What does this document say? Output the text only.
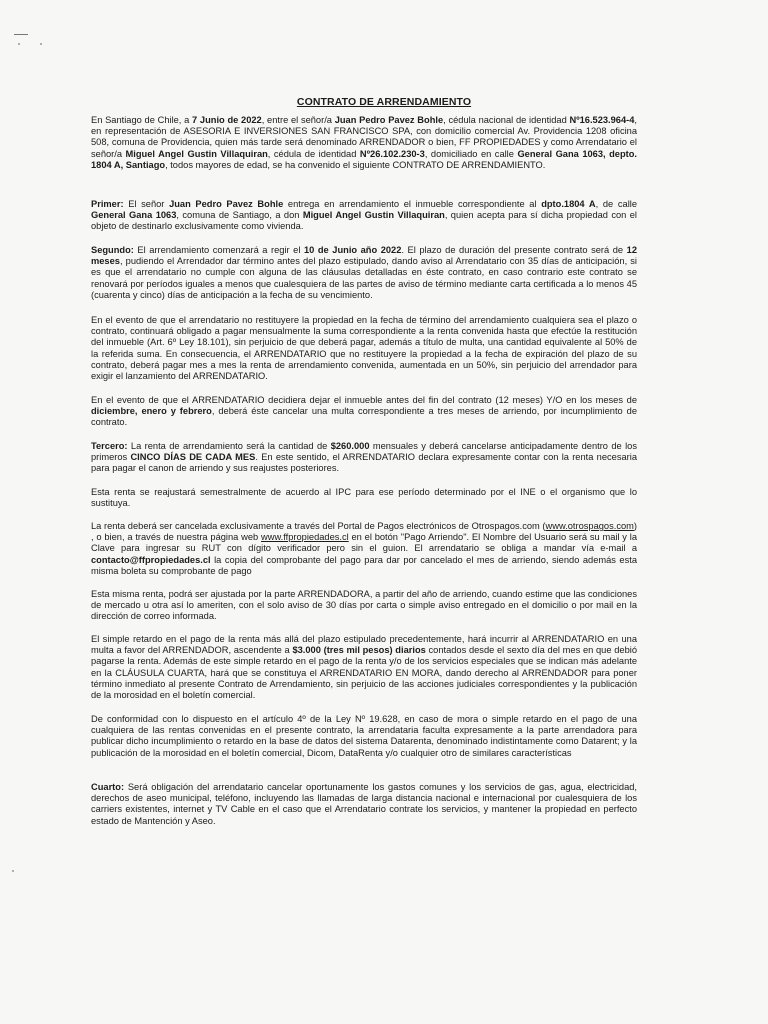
CONTRATO DE ARRENDAMIENTO

En Santiago de Chile, a 7 Junio de 2022, entre el señor/a Juan Pedro Pavez Bohle, cédula nacional de identidad Nº16.523.964-4, en representación de ASESORIA E INVERSIONES SAN FRANCISCO SPA, con domicilio comercial Av. Providencia 1208 oficina 508, comuna de Providencia, quien más tarde será denominado ARRENDADOR o bien, FF PROPIEDADES y como Arrendatario el señor/a Miguel Angel Gustin Villaquiran, cédula de identidad Nº26.102.230-3, domiciliado en calle General Gana 1063, depto. 1804 A, Santiago, todos mayores de edad, se ha convenido el siguiente CONTRATO DE ARRENDAMIENTO.

Primer: El señor Juan Pedro Pavez Bohle entrega en arrendamiento el inmueble correspondiente al dpto.1804 A, de calle General Gana 1063, comuna de Santiago, a don Miguel Angel Gustin Villaquiran, quien acepta para sí dicha propiedad con el objeto de destinarlo exclusivamente como vivienda.

Segundo: El arrendamiento comenzará a regir el 10 de Junio año 2022. El plazo de duración del presente contrato será de 12 meses, pudiendo el Arrendador dar término antes del plazo estipulado, dando aviso al Arrendatario con 35 días de anticipación, si es que el arrendatario no cumple con alguna de las cláusulas detalladas en éste contrato, en caso contrario este contrato se renovará por períodos iguales a menos que cualesquiera de las partes de aviso de término mediante carta certificada a lo menos 45 (cuarenta y cinco) días de anticipación a la fecha de su vencimiento.

En el evento de que el arrendatario no restituyere la propiedad en la fecha de término del arrendamiento cualquiera sea el plazo o contrato, continuará obligado a pagar mensualmente la suma correspondiente a la renta convenida hasta que efectúe la restitución del inmueble (Art. 6º Ley 18.101), sin perjuicio de que deberá pagar, además a título de multa, una cantidad equivalente al 50% de la referida suma. En consecuencia, el ARRENDATARIO que no restituyere la propiedad a la fecha de expiración del plazo de su contrato, deberá pagar mes a mes la renta de arrendamiento convenida, aumentada en un 50%, sin perjuicio del arrendador para exigir el lanzamiento del ARRENDATARIO.

En el evento de que el ARRENDATARIO decidiera dejar el inmueble antes del fin del contrato (12 meses) Y/O en los meses de diciembre, enero y febrero, deberá éste cancelar una multa correspondiente a tres meses de arriendo, por incumplimiento de contrato.

Tercero: La renta de arrendamiento será la cantidad de $260.000 mensuales y deberá cancelarse anticipadamente dentro de los primeros CINCO DÍAS DE CADA MES. En este sentido, el ARRENDATARIO declara expresamente contar con la renta necesaria para pagar el canon de arriendo y sus reajustes posteriores.

Esta renta se reajustará semestralmente de acuerdo al IPC para ese período determinado por el INE o el organismo que lo sustituya.

La renta deberá ser cancelada exclusivamente a través del Portal de Pagos electrónicos de Otrospagos.com (www.otrospagos.com) , o bien, a través de nuestra página web www.ffpropiedades.cl en el botón "Pago Arriendo". El Nombre del Usuario será su mail y la Clave para ingresar su RUT con dígito verificador pero sin el guion. El arrendatario se obliga a mandar vía e-mail a contacto@ffpropiedades.cl la copia del comprobante del pago para dar por cancelado el mes de arriendo, siendo además esta misma boleta su comprobante de pago

Esta misma renta, podrá ser ajustada por la parte ARRENDADORA, a partir del año de arriendo, cuando estime que las condiciones de mercado u otra así lo ameriten, con el solo aviso de 30 días por carta o simple aviso entregado en el domicilio o por mail en la dirección de correo informada.

El simple retardo en el pago de la renta más allá del plazo estipulado precedentemente, hará incurrir al ARRENDATARIO en una multa a favor del ARRENDADOR, ascendente a $3.000 (tres mil pesos) diarios contados desde el sexto día del mes en que debió pagarse la renta. Además de este simple retardo en el pago de la renta y/o de los servicios especiales que se indican más adelante en la CLÁUSULA CUARTA, hará que se constituya el ARRENDATARIO EN MORA, dando derecho al ARRENDADOR para poner término inmediato al presente Contrato de Arrendamiento, sin perjuicio de las acciones judiciales correspondientes y la publicación de la morosidad en el boletín comercial.

De conformidad con lo dispuesto en el artículo 4º de la Ley Nº 19.628, en caso de mora o simple retardo en el pago de una cualquiera de las rentas convenidas en el presente contrato, la arrendataria faculta expresamente a la parte arrendadora para publicar dicho incumplimiento o retardo en la base de datos del sistema Datarenta, denominado indistintamente como Datarent; y la publicación de la morosidad en el boletín comercial, Dicom, DataRenta y/o cualquier otro de similares características

Cuarto: Será obligación del arrendatario cancelar oportunamente los gastos comunes y los servicios de gas, agua, electricidad, derechos de aseo municipal, teléfono, incluyendo las llamadas de larga distancia nacional e internacional por cualesquiera de los carriers existentes, internet y TV Cable en el caso que el Arrendatario contrate los servicios, y mantener la propiedad en perfecto estado de Mantención y Aseo.
